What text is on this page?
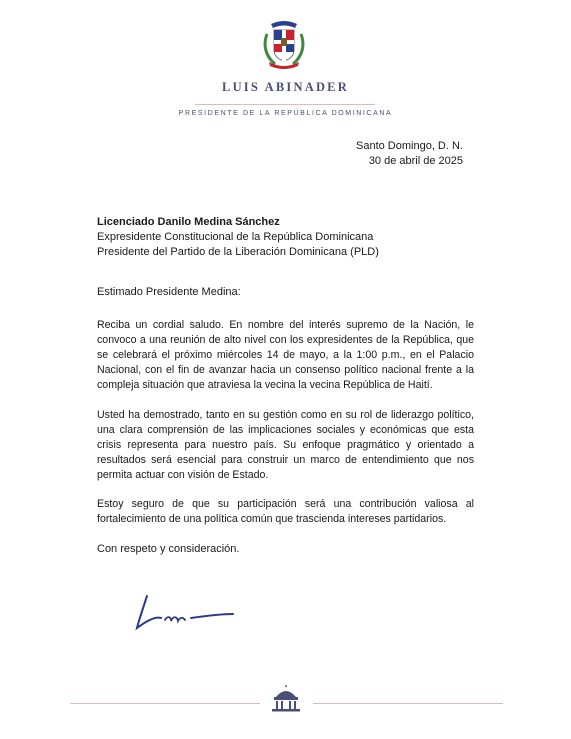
LUIS ABINADER
PRESIDENTE DE LA REPÚBLICA DOMINICANA
Santo Domingo, D. N.
30 de abril de 2025
Licenciado Danilo Medina Sánchez
Expresidente Constitucional de la República Dominicana
Presidente del Partido de la Liberación Dominicana (PLD)
Estimado Presidente Medina:
Reciba un cordial saludo. En nombre del interés supremo de la Nación, le convoco a una reunión de alto nivel con los expresidentes de la República, que se celebrará el próximo miércoles 14 de mayo, a la 1:00 p.m., en el Palacio Nacional, con el fin de avanzar hacia un consenso político nacional frente a la compleja situación que atraviesa la vecina la vecina República de Haití.
Usted ha demostrado, tanto en su gestión como en su rol de liderazgo político, una clara comprensión de las implicaciones sociales y económicas que esta crisis representa para nuestro país. Su enfoque pragmático y orientado a resultados será esencial para construir un marco de entendimiento que nos permita actuar con visión de Estado.
Estoy seguro de que su participación será una contribución valiosa al fortalecimiento de una política común que trascienda intereses partidarios.
Con respeto y consideración.
